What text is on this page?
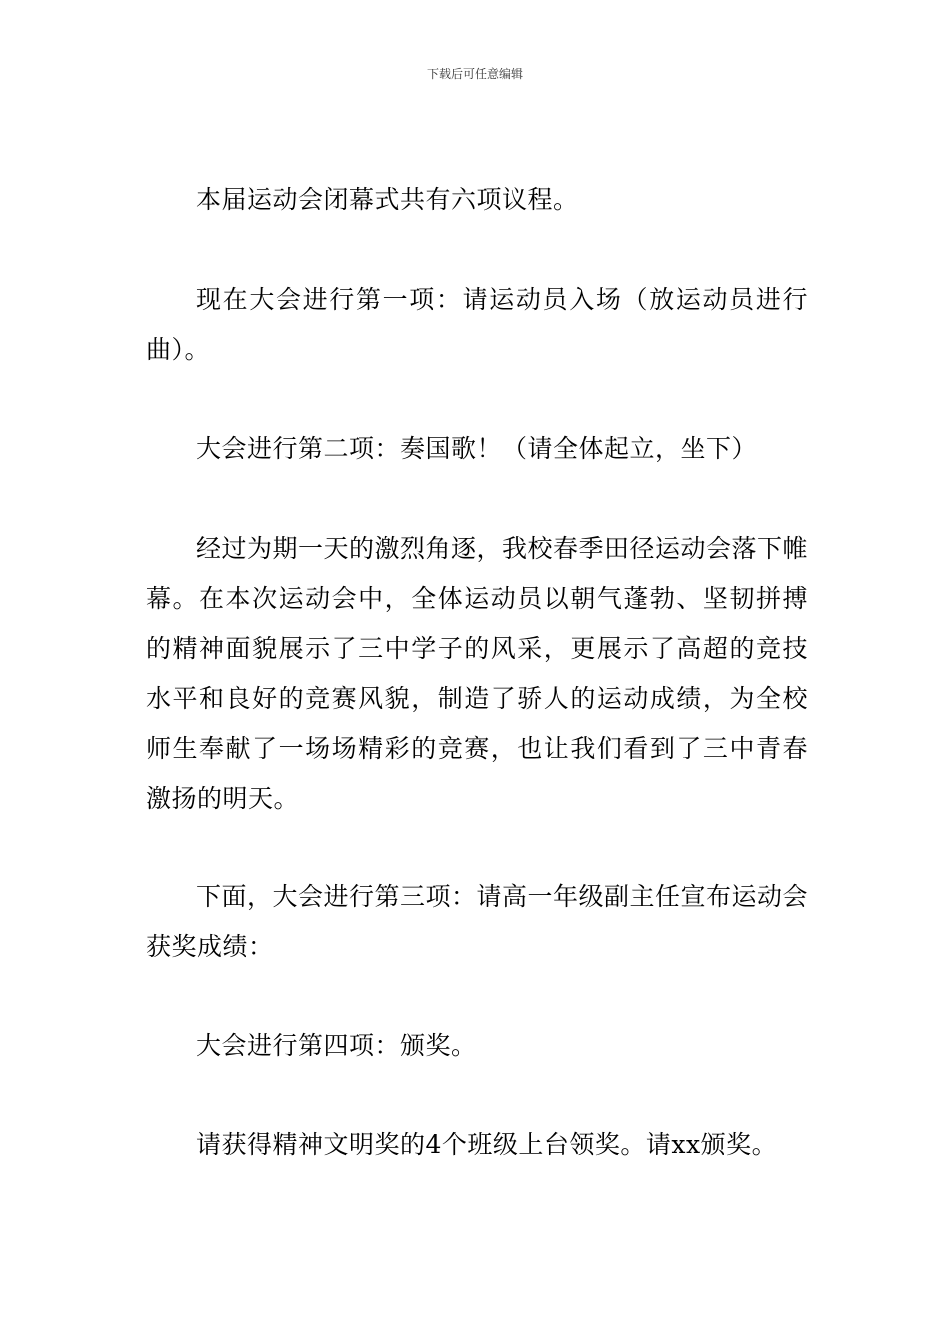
下载后可任意编辑

本届运动会闭幕式共有六项议程。

现在大会进行第一项：请运动员入场（放运动员进行曲）。

大会进行第二项：奏国歌！（请全体起立，坐下）

经过为期一天的激烈角逐，我校春季田径运动会落下帷幕。在本次运动会中，全体运动员以朝气蓬勃、坚韧拼搏的精神面貌展示了三中学子的风采，更展示了高超的竞技水平和良好的竞赛风貌，制造了骄人的运动成绩，为全校师生奉献了一场场精彩的竞赛，也让我们看到了三中青春激扬的明天。

下面，大会进行第三项：请高一年级副主任宣布运动会获奖成绩：

大会进行第四项：颁奖。

请获得精神文明奖的4个班级上台领奖。请xx颁奖。
